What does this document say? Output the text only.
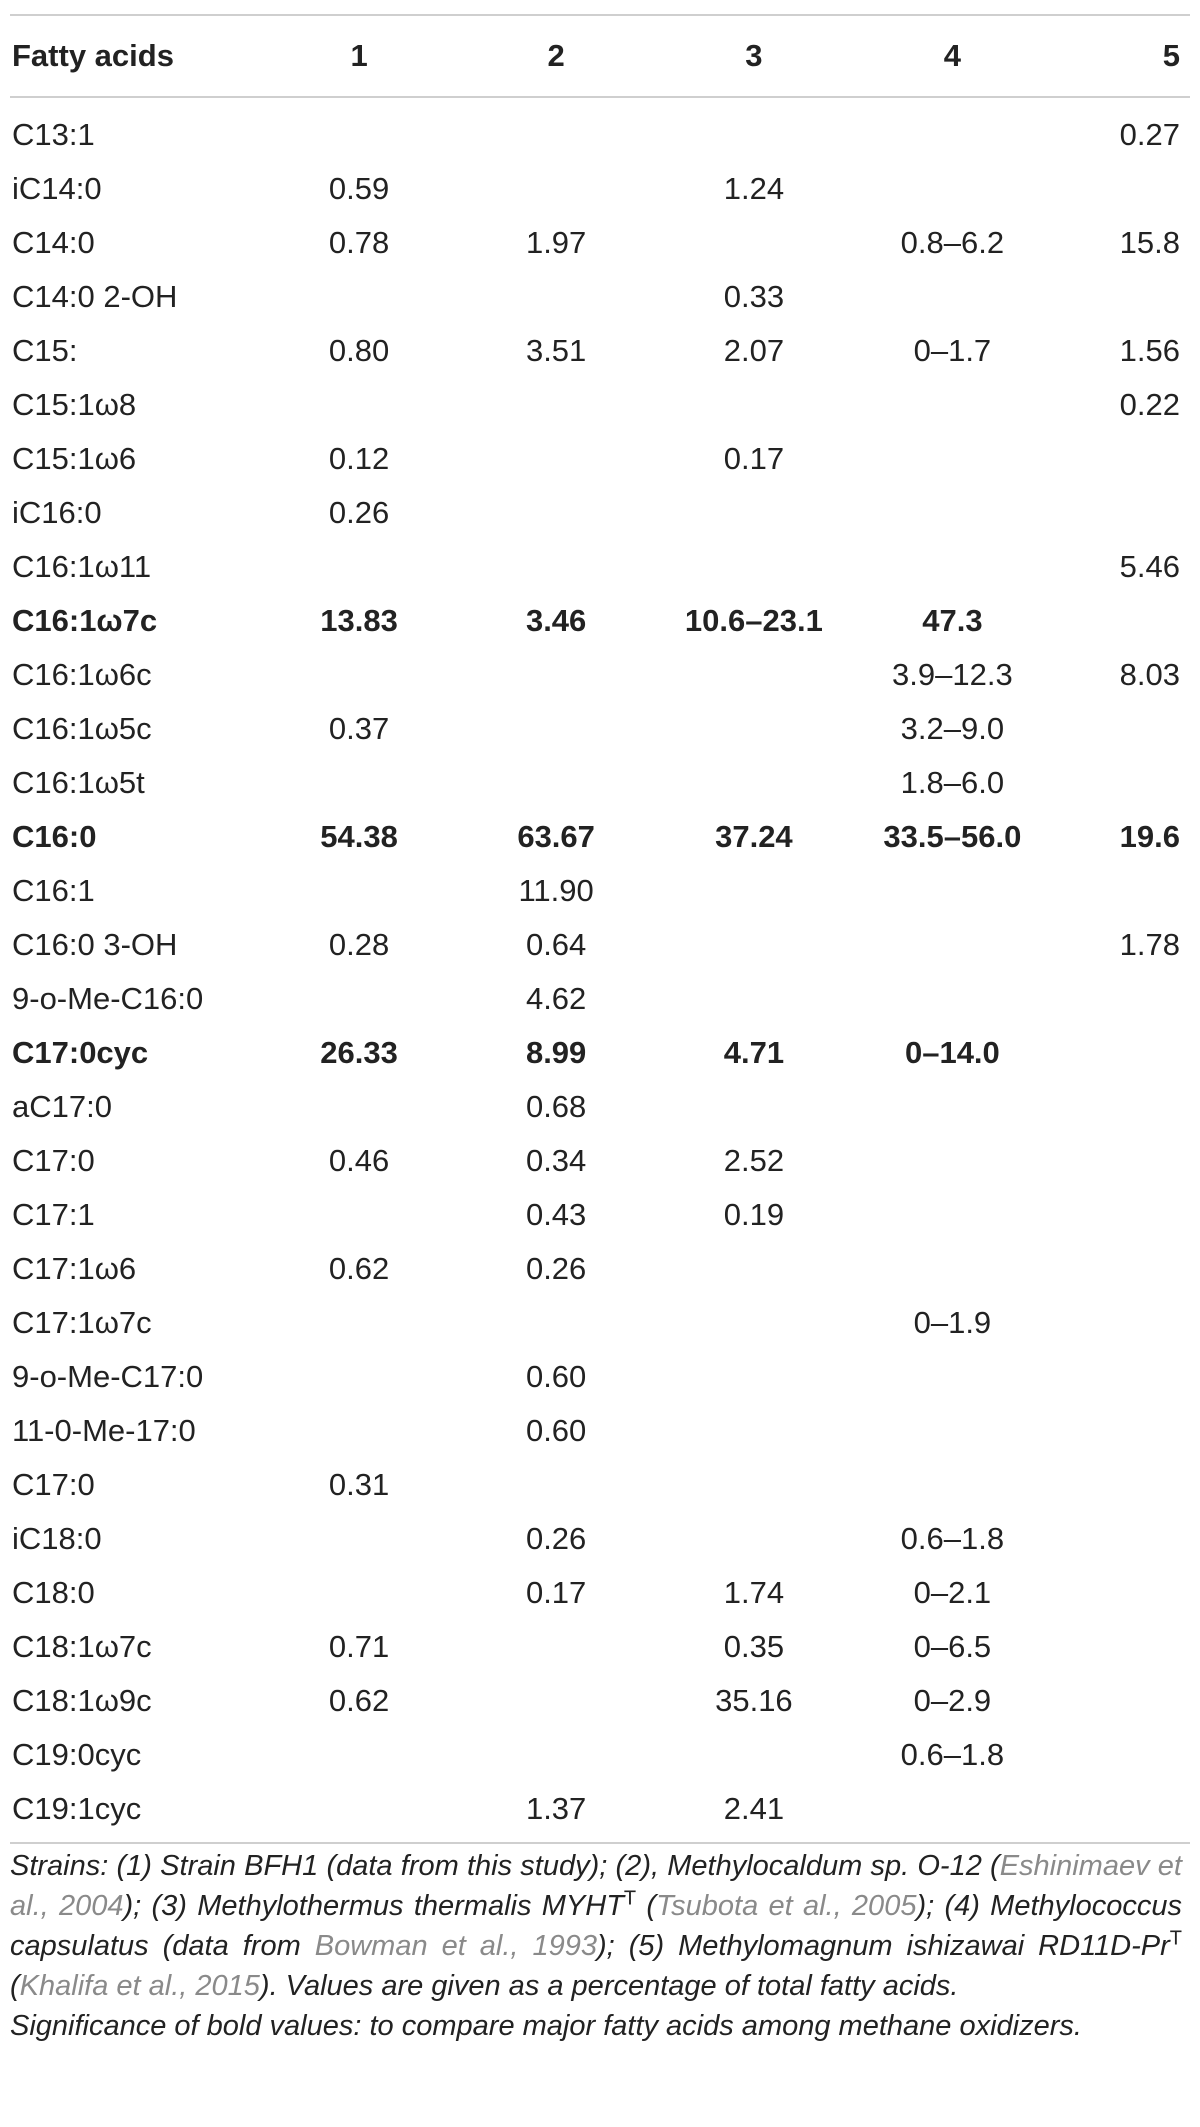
Fatty acids	1	2	3	4	5
C13:1					0.27
iC14:0	0.59		1.24		
C14:0	0.78	1.97		0.8–6.2	15.8
C14:0 2-OH			0.33		
C15:	0.80	3.51	2.07	0–1.7	1.56
C15:1ω8					0.22
C15:1ω6	0.12		0.17		
iC16:0	0.26				
C16:1ω11					5.46
C16:1ω7c	13.83	3.46	10.6–23.1	47.3	
C16:1ω6c				3.9–12.3	8.03
C16:1ω5c	0.37			3.2–9.0	
C16:1ω5t				1.8–6.0	
C16:0	54.38	63.67	37.24	33.5–56.0	19.6
C16:1		11.90			
C16:0 3-OH	0.28	0.64			1.78
9-o-Me-C16:0		4.62			
C17:0cyc	26.33	8.99	4.71	0–14.0	
aC17:0		0.68			
C17:0	0.46	0.34	2.52		
C17:1		0.43	0.19		
C17:1ω6	0.62	0.26			
C17:1ω7c				0–1.9	
9-o-Me-C17:0		0.60			
11-0-Me-17:0		0.60			
C17:0	0.31				
iC18:0		0.26		0.6–1.8	
C18:0		0.17	1.74	0–2.1	
C18:1ω7c	0.71		0.35	0–6.5	
C18:1ω9c	0.62		35.16	0–2.9	
C19:0cyc				0.6–1.8	
C19:1cyc		1.37	2.41		

Strains: (1) Strain BFH1 (data from this study); (2), Methylocaldum sp. O-12 (Eshinimaev et al., 2004); (3) Methylothermus thermalis $MYHT^T$ (Tsubota et al., 2005); (4) Methylococcus capsulatus (data from Bowman et al., 1993); (5) Methylomagnum ishizawai $RD11D-Pr^T$ (Khalifa et al., 2015). Values are given as a percentage of total fatty acids.

Significance of bold values: to compare major fatty acids among methane oxidizers.
